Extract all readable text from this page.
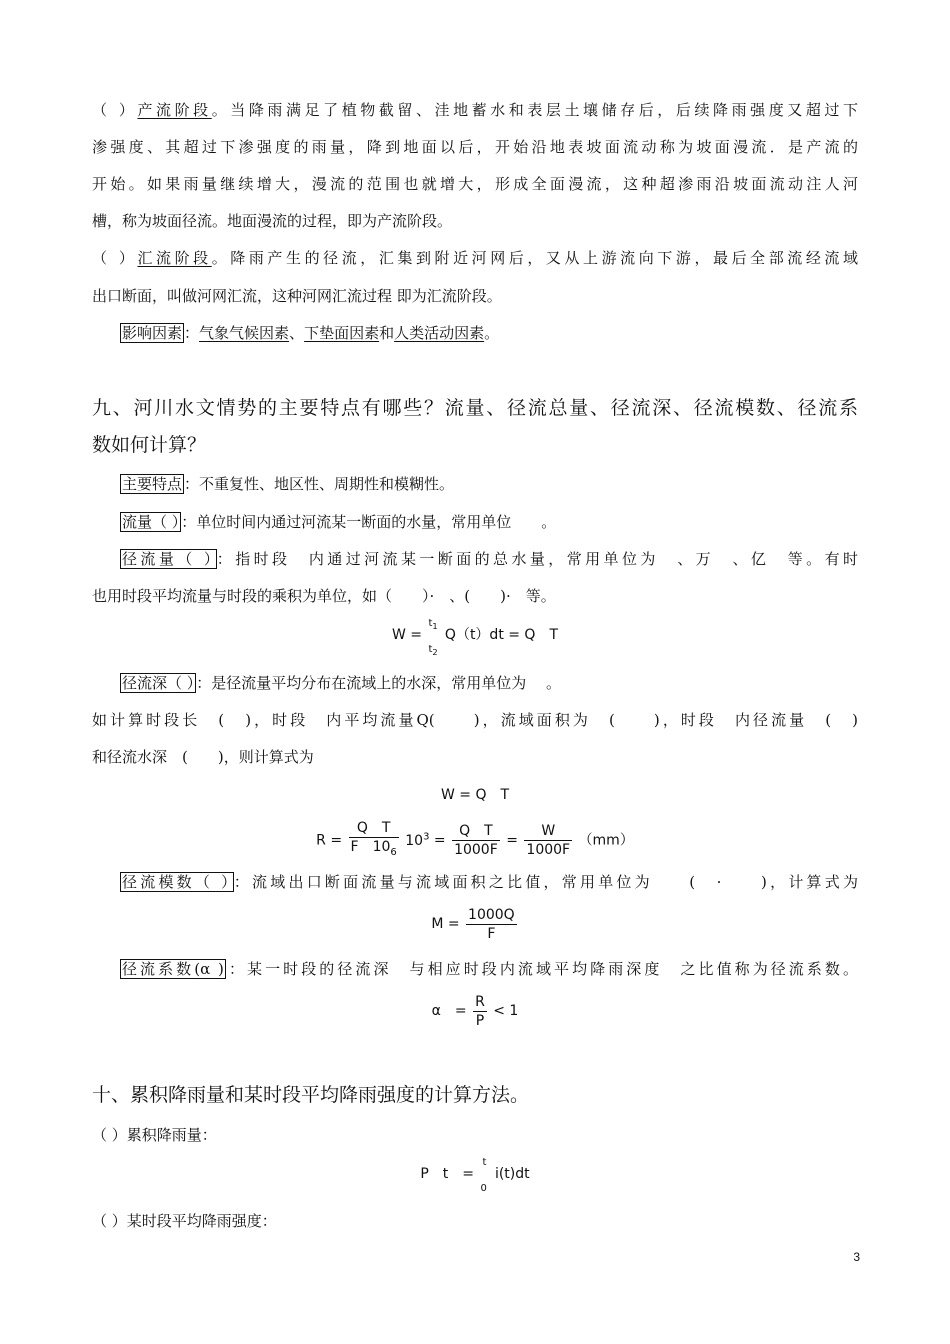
（ ）产流阶段。当降雨满足了植物截留、洼地蓄水和表层土壤储存后，后续降雨强度又超过下
渗强度、其超过下渗强度的雨量，降到地面以后，开始沿地表坡面流动称为坡面漫流．是产流的
开始。如果雨量继续增大，漫流的范围也就增大，形成全面漫流，这种超渗雨沿坡面流动注人河
槽，称为坡面径流。地面漫流的过程，即为产流阶段。
（ ）汇流阶段。降雨产生的径流，汇集到附近河网后，又从上游流向下游，最后全部流经流域
出口断面，叫做河网汇流，这种河网汇流过程 即为汇流阶段。
影响因素 ：气象气候因素、下垫面因素和人类活动因素。
九、河川水文情势的主要特点有哪些？流量、径流总量、径流深、径流模数、径流系
数如何计算？
主要特点 ：不重复性、地区性、周期性和模糊性。
流量（ ） ：单位时间内通过河流某一断面的水量，常用单位　　。
径流量（ ） ：指时段　内通过河流某一断面的总水量，常用单位为　、万　、亿　等。有时
也用时段平均流量与时段的乘积为单位，如（　　）·　、(　　)·　等。
W =
$t_1$
$t_2$
Q（t）dt = Q　T
径流深（ ） ：是径流量平均分布在流域上的水深，常用单位为　 。
如计算时段长　(　)，时段　内平均流量Q(　　)，流域面积为　(　　)，时段　内径流量　(　)
和径流水深　(　　)，则计算式为
W = Q　T
$R = \frac{\text{Q　T}}{F 10_6} 10^3 = \frac{\text{Q　T}}{1000F} = \frac{W}{1000F} (mm)$
径流模数（ ） ：流域出口断面流量与流域面积之比值，常用单位为　　(　·　　)，计算式为
$M = \frac{1000Q}{F}$
径流系数(α ) ：某一时段的径流深　与相应时段内流域平均降雨深度　之比值称为径流系数。
α　= $\frac{R}{P} < 1$
十、累积降雨量和某时段平均降雨强度的计算方法。
（ ）累积降雨量：
P　t　=
t
0
i(t)dt
（ ）某时段平均降雨强度：
3
